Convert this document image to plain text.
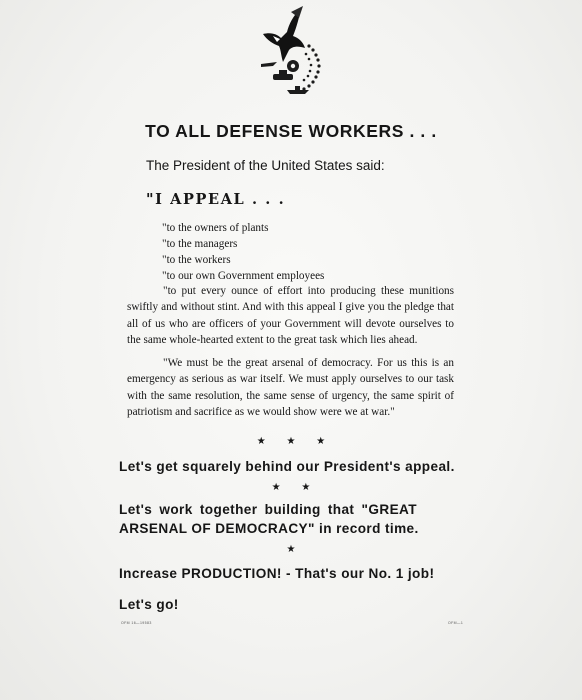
TO ALL DEFENSE WORKERS . . .
The President of the United States said:
"I APPEAL . . .
"to the owners of plants
"to the managers
"to the workers
"to our own Government employees

"to put every ounce of effort into producing these munitions swiftly and without stint. And with this appeal I give you the pledge that all of us who are officers of your Government will devote ourselves to the same whole-hearted extent to the great task which lies ahead.

"We must be the great arsenal of democracy. For us this is an emergency as serious as war itself. We must apply ourselves to our task with the same resolution, the same sense of urgency, the same spirit of patriotism and sacrifice as we would show were we at war."

★ ★ ★
Let's get squarely behind our President's appeal.
★ ★
Let's work together building that "GREAT
ARSENAL OF DEMOCRACY" in record time.
★
Increase PRODUCTION! - That's our No. 1 job!
Let's go!
OFM 16—19583	OFM—1
